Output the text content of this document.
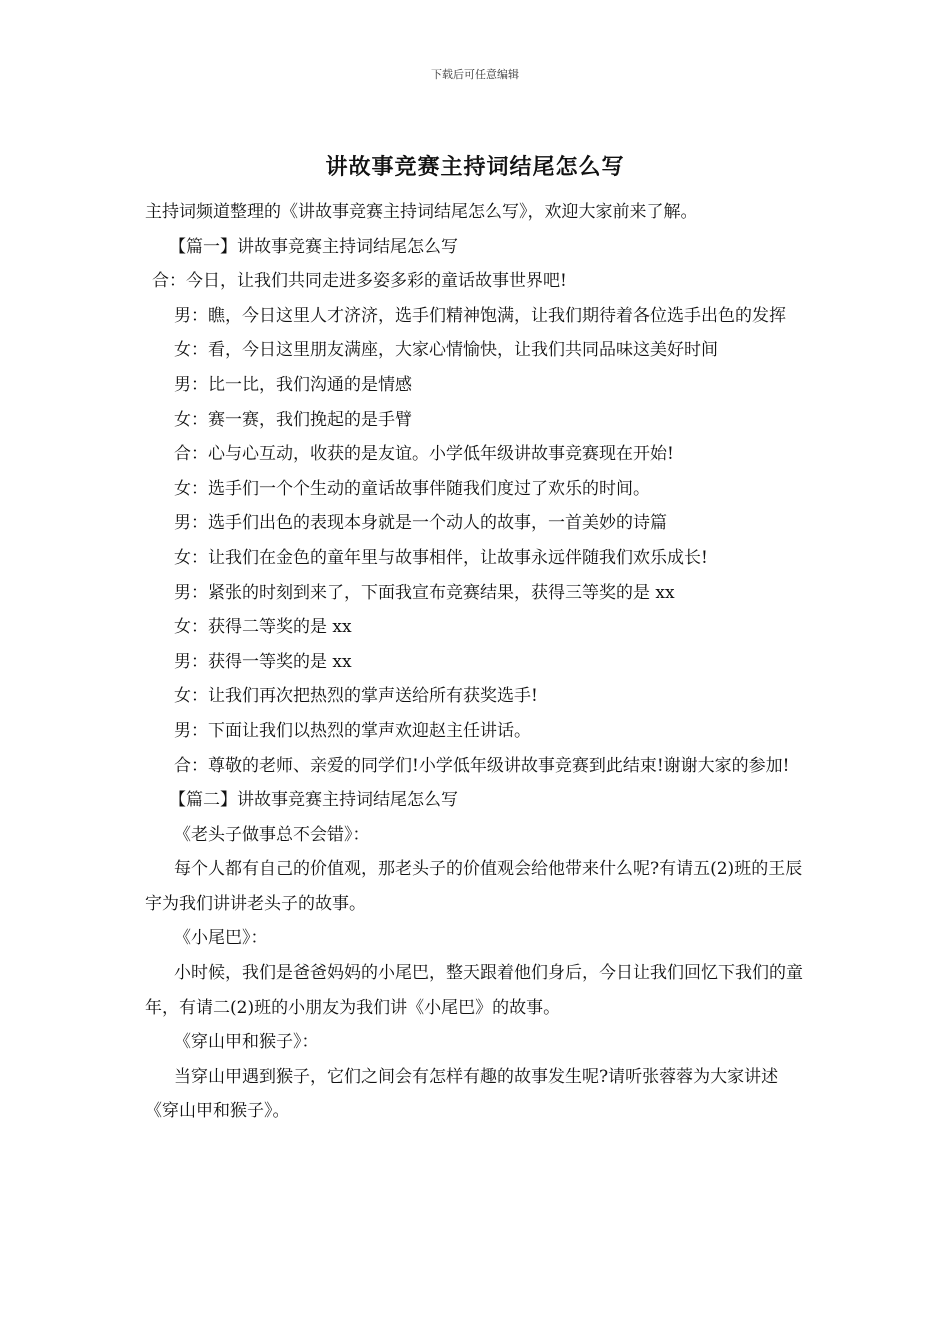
下载后可任意编辑
讲故事竞赛主持词结尾怎么写

主持词频道整理的《讲故事竞赛主持词结尾怎么写》，欢迎大家前来了解。

【篇一】讲故事竞赛主持词结尾怎么写

合：今日，让我们共同走进多姿多彩的童话故事世界吧!

男：瞧，今日这里人才济济，选手们精神饱满，让我们期待着各位选手出色的发挥

女：看，今日这里朋友满座，大家心情愉快，让我们共同品味这美好时间

男：比一比，我们沟通的是情感

女：赛一赛，我们挽起的是手臂

合：心与心互动，收获的是友谊。小学低年级讲故事竞赛现在开始!

女：选手们一个个生动的童话故事伴随我们度过了欢乐的时间。

男：选手们出色的表现本身就是一个动人的故事，一首美妙的诗篇

女：让我们在金色的童年里与故事相伴，让故事永远伴随我们欢乐成长!

男：紧张的时刻到来了，下面我宣布竞赛结果，获得三等奖的是 xx

女：获得二等奖的是 xx

男：获得一等奖的是 xx

女：让我们再次把热烈的掌声送给所有获奖选手!

男：下面让我们以热烈的掌声欢迎赵主任讲话。

合：尊敬的老师、亲爱的同学们!小学低年级讲故事竞赛到此结束!谢谢大家的参加!

【篇二】讲故事竞赛主持词结尾怎么写

《老头子做事总不会错》：

每个人都有自己的价值观，那老头子的价值观会给他带来什么呢?有请五(2)班的王辰宇为我们讲讲老头子的故事。

《小尾巴》：

小时候，我们是爸爸妈妈的小尾巴，整天跟着他们身后，今日让我们回忆下我们的童年，有请二(2)班的小朋友为我们讲《小尾巴》的故事。

《穿山甲和猴子》：

当穿山甲遇到猴子，它们之间会有怎样有趣的故事发生呢?请听张蓉蓉为大家讲述《穿山甲和猴子》。
